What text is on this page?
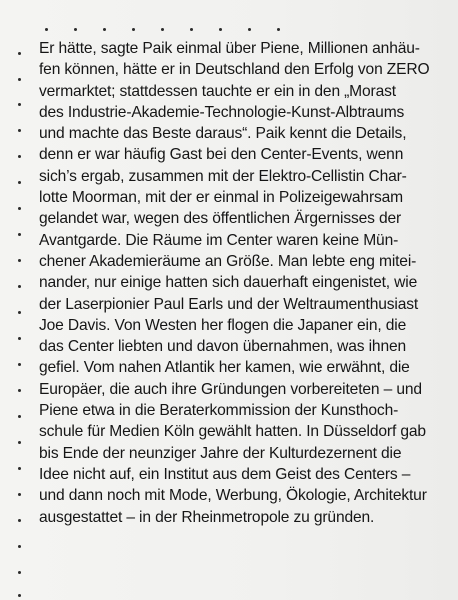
Er hätte, sagte Paik einmal über Piene, Millionen anhäu-
fen können, hätte er in Deutschland den Erfolg von ZERO
vermarktet; stattdessen tauchte er ein in den „Morast
des Industrie-Akademie-Technologie-Kunst-Albtraums
und machte das Beste daraus“. Paik kennt die Details,
denn er war häufig Gast bei den Center-Events, wenn
sich’s ergab, zusammen mit der Elektro-Cellistin Char-
lotte Moorman, mit der er einmal in Polizeigewahrsam
gelandet war, wegen des öffentlichen Ärgernisses der
Avantgarde. Die Räume im Center waren keine Mün-
chener Akademieräume an Größe. Man lebte eng mitei-
nander, nur einige hatten sich dauerhaft eingenistet, wie
der Laserpionier Paul Earls und der Weltraumenthusiast
Joe Davis. Von Westen her flogen die Japaner ein, die
das Center liebten und davon übernahmen, was ihnen
gefiel. Vom nahen Atlantik her kamen, wie erwähnt, die
Europäer, die auch ihre Gründungen vorbereiteten – und
Piene etwa in die Beraterkommission der Kunsthoch-
schule für Medien Köln gewählt hatten. In Düsseldorf gab
bis Ende der neunziger Jahre der Kulturdezernent die
Idee nicht auf, ein Institut aus dem Geist des Centers –
und dann noch mit Mode, Werbung, Ökologie, Architektur
ausgestattet – in der Rheinmetropole zu gründen.
